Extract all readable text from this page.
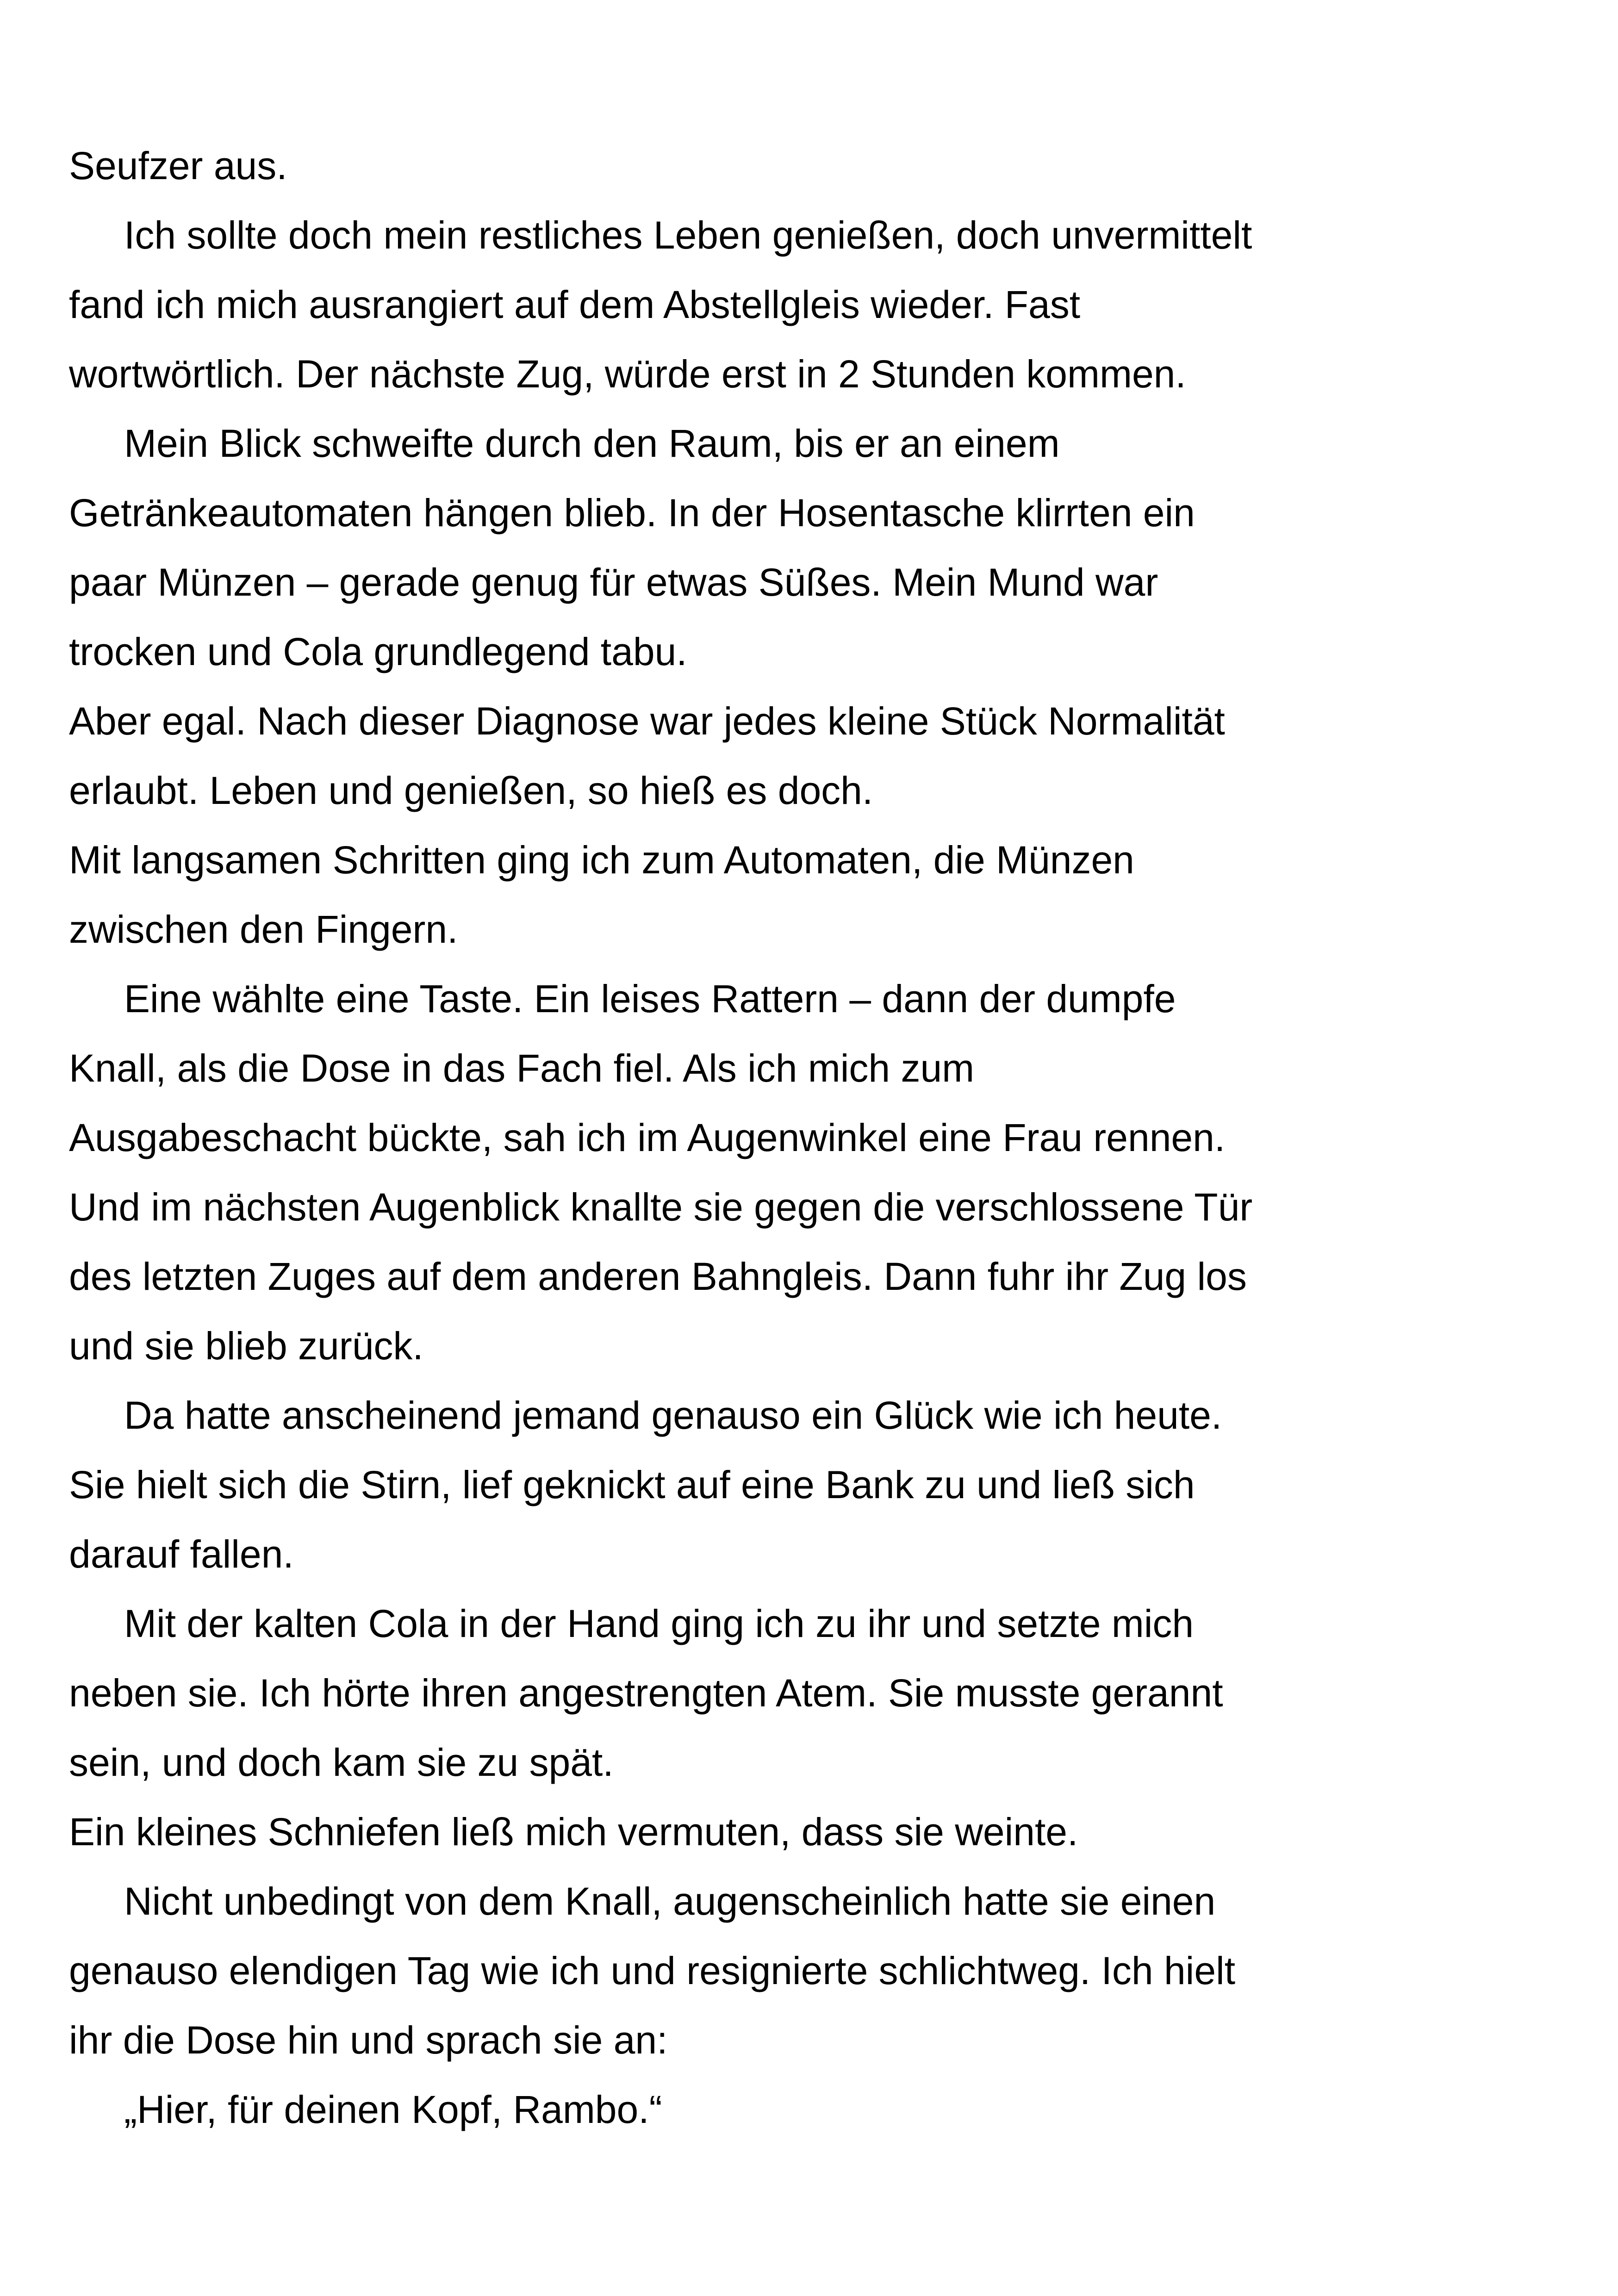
Seufzer aus.
Ich sollte doch mein restliches Leben genießen, doch unvermittelt
fand ich mich ausrangiert auf dem Abstellgleis wieder. Fast
wortwörtlich. Der nächste Zug, würde erst in 2 Stunden kommen.
Mein Blick schweifte durch den Raum, bis er an einem
Getränkeautomaten hängen blieb. In der Hosentasche klirrten ein
paar Münzen – gerade genug für etwas Süßes. Mein Mund war
trocken und Cola grundlegend tabu.
Aber egal. Nach dieser Diagnose war jedes kleine Stück Normalität
erlaubt. Leben und genießen, so hieß es doch.
Mit langsamen Schritten ging ich zum Automaten, die Münzen
zwischen den Fingern.
Eine wählte eine Taste. Ein leises Rattern – dann der dumpfe
Knall, als die Dose in das Fach fiel. Als ich mich zum
Ausgabeschacht bückte, sah ich im Augenwinkel eine Frau rennen.
Und im nächsten Augenblick knallte sie gegen die verschlossene Tür
des letzten Zuges auf dem anderen Bahngleis. Dann fuhr ihr Zug los
und sie blieb zurück.
Da hatte anscheinend jemand genauso ein Glück wie ich heute.
Sie hielt sich die Stirn, lief geknickt auf eine Bank zu und ließ sich
darauf fallen.
Mit der kalten Cola in der Hand ging ich zu ihr und setzte mich
neben sie. Ich hörte ihren angestrengten Atem. Sie musste gerannt
sein, und doch kam sie zu spät.
Ein kleines Schniefen ließ mich vermuten, dass sie weinte.
Nicht unbedingt von dem Knall, augenscheinlich hatte sie einen
genauso elendigen Tag wie ich und resignierte schlichtweg. Ich hielt
ihr die Dose hin und sprach sie an:
„Hier, für deinen Kopf, Rambo.“
